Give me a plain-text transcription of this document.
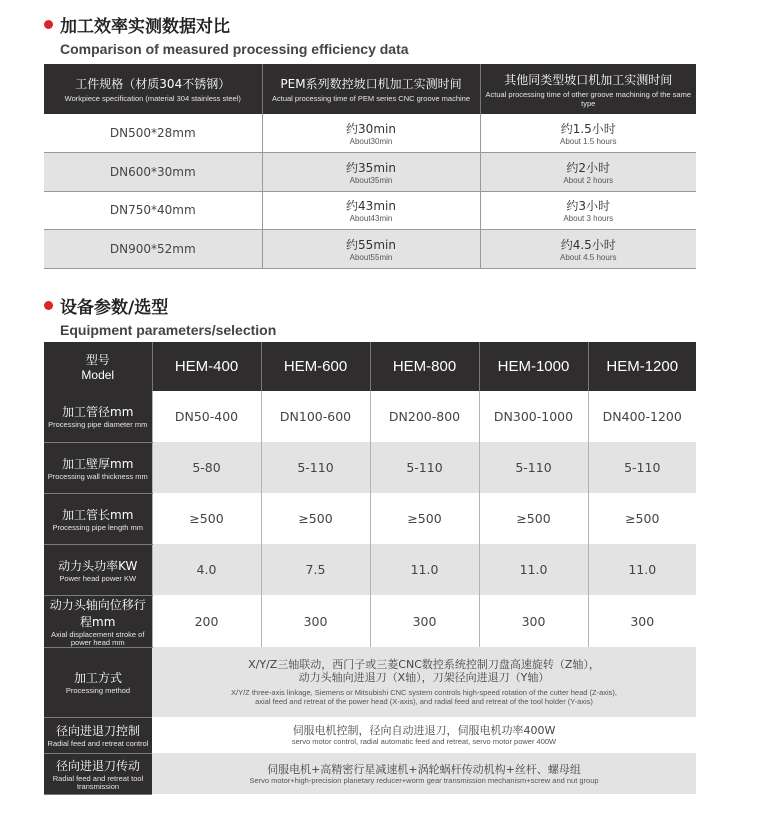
加工效率实测数据对比
Comparison of measured processing efficiency data
工件规格（材质304不锈钢）
Workpiece specification (material 304 stainless steel)	PEM系列数控坡口机加工实测时间
Actual processing time of PEM series CNC groove machine	其他同类型坡口机加工实测时间
Actual processing time of other groove machining of the same type

DN500*28mm	约30min
About30min	约1.5小时
About 1.5 hours

DN600*30mm	约35min
About35min	约2小时
About 2 hours

DN750*40mm	约43min
About43min	约3小时
About 3 hours

DN900*52mm	约55min
About55min	约4.5小时
About 4.5 hours
设备参数/选型
Equipment parameters/selection
型号
Model	HEM-400	HEM-600	HEM-800	HEM-1000	HEM-1200

加工管径mm
Processing pipe diameter mm	DN50-400	DN100-600	DN200-800	DN300-1000	DN400-1200

加工壁厚mm
Processing wall thickness mm	5-80	5-110	5-110	5-110	5-110

加工管长mm
Processing pipe length mm	≥500	≥500	≥500	≥500	≥500

动力头功率KW
Power head power KW	4.0	7.5	11.0	11.0	11.0

动力头轴向位移行程mm
Axial displacement stroke of power head mm	200	300	300	300	300

加工方式
Processing method	X/Y/Z三轴联动，西门子或三菱CNC数控系统控制刀盘高速旋转（Z轴），
动力头轴向进退刀（X轴），刀架径向进退刀（Y轴）
X/Y/Z three-axis linkage, Siemens or Mitsubishi CNC system controls high-speed rotation of the cutter head (Z-axis),
axial feed and retreat of the power head (X-axis), and radial feed and retreat of the tool holder (Y-axis)				

径向进退刀控制
Radial feed and retreat control	伺服电机控制，径向自动进退刀，伺服电机功率400W
servo motor control, radial automatic feed and retreat, servo motor power 400W				

径向进退刀传动
Radial feed and retreat tool transmission	伺服电机+高精密行星减速机+涡轮蜗杆传动机构+丝杆、螺母组
Servo motor+high-precision planetary reducer+worm gear transmission mechanism+screw and nut group				
